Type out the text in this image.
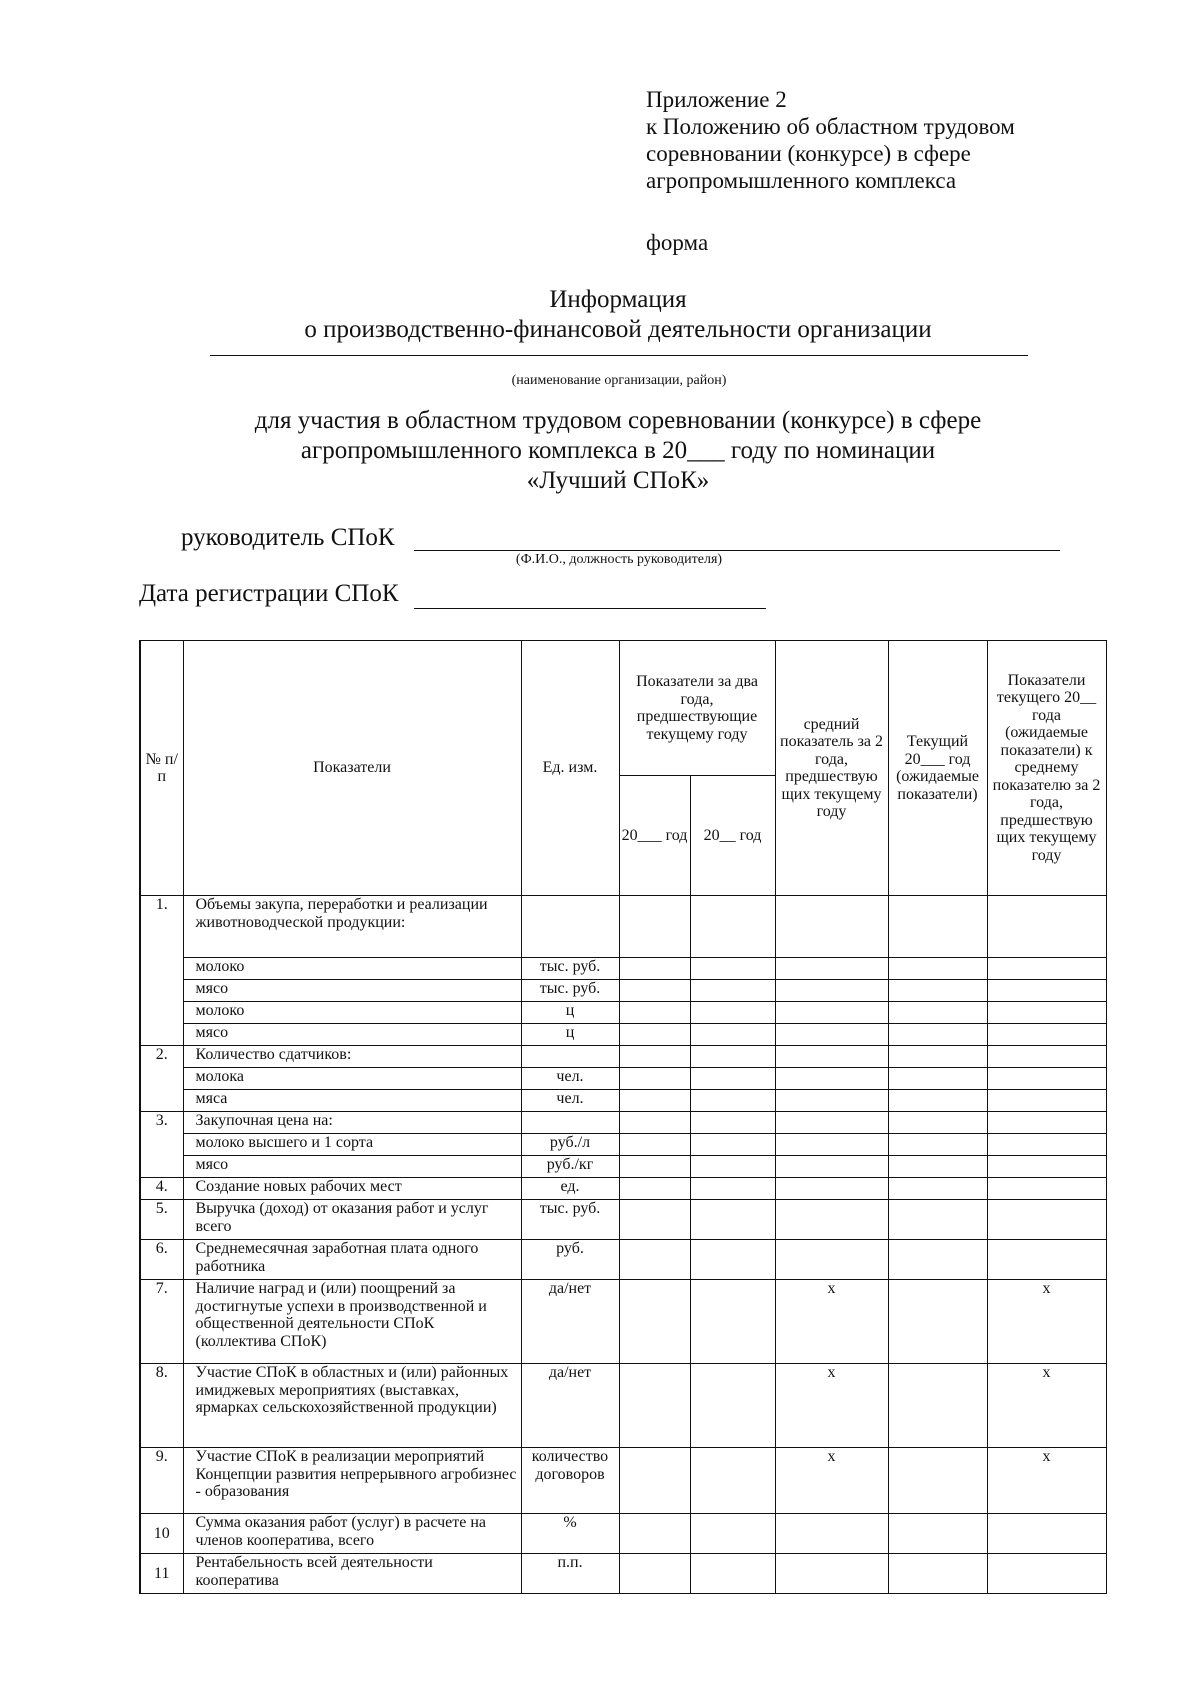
Приложение 2
к Положению об областном трудовом
соревновании (конкурсе) в сфере
агропромышленного комплекса
форма
Информация
о производственно-финансовой деятельности организации
(наименование организации, район)
для участия в областном трудовом соревновании (конкурсе) в сфере
агропромышленного комплекса в 20___ году по номинации
«Лучший СПоК»
руководитель СПоК
(Ф.И.О., должность руководителя)
Дата регистрации СПоК
№ п/п	Показатели	Ед. изм.	Показатели за два года, предшествующие текущему году		средний показатель за 2 года, предшествую щих текущему году	Текущий 20___ год (ожидаемые показатели)	Показатели текущего 20__ года (ожидаемые показатели) к среднему показателю за 2 года, предшествую щих текущему году
			20___ год	20__ год			
1.	Объемы закупа, переработки и реализации животноводческой продукции:						
	молоко	тыс. руб.					
	мясо	тыс. руб.					
	молоко	ц					
	мясо	ц					
2.	Количество сдатчиков:						
	молока	чел.					
	мяса	чел.					
3.	Закупочная цена на:						
	молоко высшего и 1 сорта	руб./л					
	мясо	руб./кг					
4.	Создание новых рабочих мест	ед.					
5.	Выручка (доход) от оказания работ и услуг всего	тыс. руб.					
6.	Среднемесячная заработная плата одного работника	руб.					
7.	Наличие наград и (или) поощрений за достигнутые успехи в производственной и общественной деятельности СПоК (коллектива СПоК)	да/нет			x		x
8.	Участие СПоК в областных и (или) районных имиджевых мероприятиях (выставках, ярмарках сельскохозяйственной продукции)	да/нет			x		x
9.	Участие СПоК в реализации мероприятий Концепции развития непрерывного агробизнес - образования	количество договоров			x		x
10	Сумма оказания работ (услуг) в расчете на членов кооператива, всего	%					
11	Рентабельность всей деятельности кооператива	п.п.					
